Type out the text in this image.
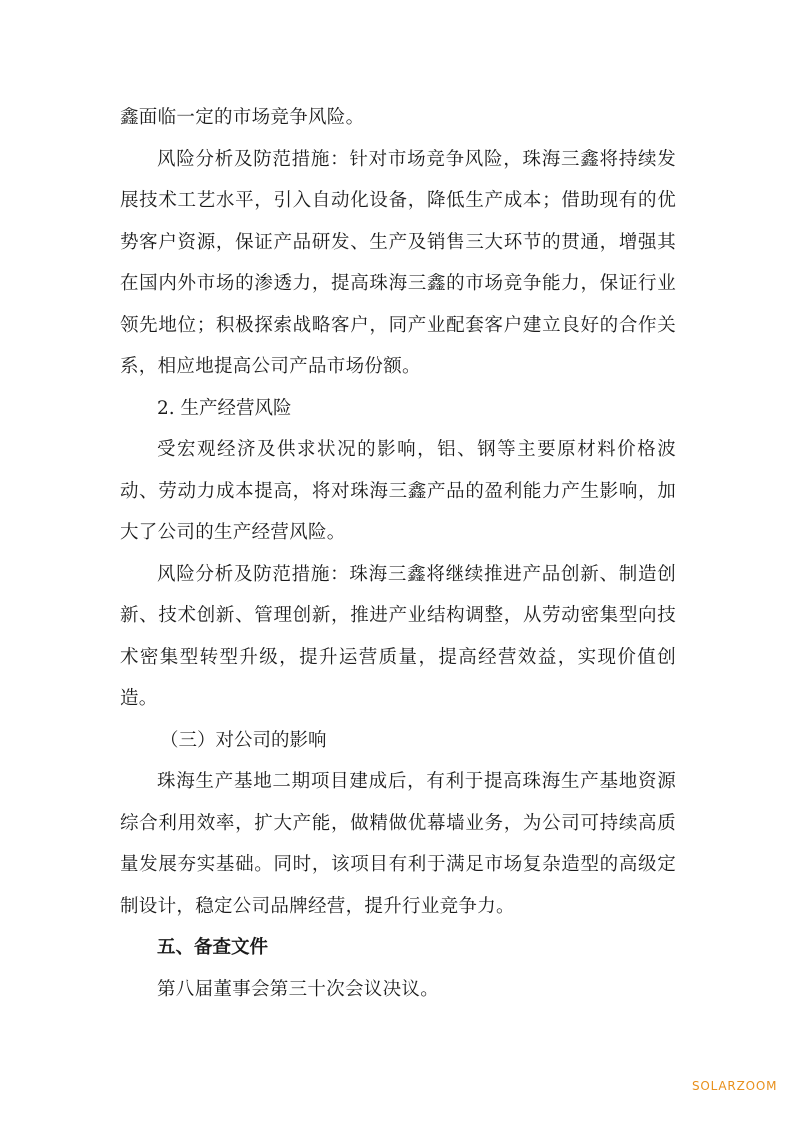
鑫面临一定的市场竞争风险。

风险分析及防范措施：针对市场竞争风险，珠海三鑫将持续发展技术工艺水平，引入自动化设备，降低生产成本；借助现有的优势客户资源，保证产品研发、生产及销售三大环节的贯通，增强其在国内外市场的渗透力，提高珠海三鑫的市场竞争能力，保证行业领先地位；积极探索战略客户，同产业配套客户建立良好的合作关系，相应地提高公司产品市场份额。

2. 生产经营风险

受宏观经济及供求状况的影响，铝、钢等主要原材料价格波动、劳动力成本提高，将对珠海三鑫产品的盈利能力产生影响，加大了公司的生产经营风险。

风险分析及防范措施：珠海三鑫将继续推进产品创新、制造创新、技术创新、管理创新，推进产业结构调整，从劳动密集型向技术密集型转型升级，提升运营质量，提高经营效益，实现价值创造。

（三）对公司的影响

珠海生产基地二期项目建成后，有利于提高珠海生产基地资源综合利用效率，扩大产能，做精做优幕墙业务，为公司可持续高质量发展夯实基础。同时，该项目有利于满足市场复杂造型的高级定制设计，稳定公司品牌经营，提升行业竞争力。

五、备查文件

第八届董事会第三十次会议决议。

SOLARZOOM
